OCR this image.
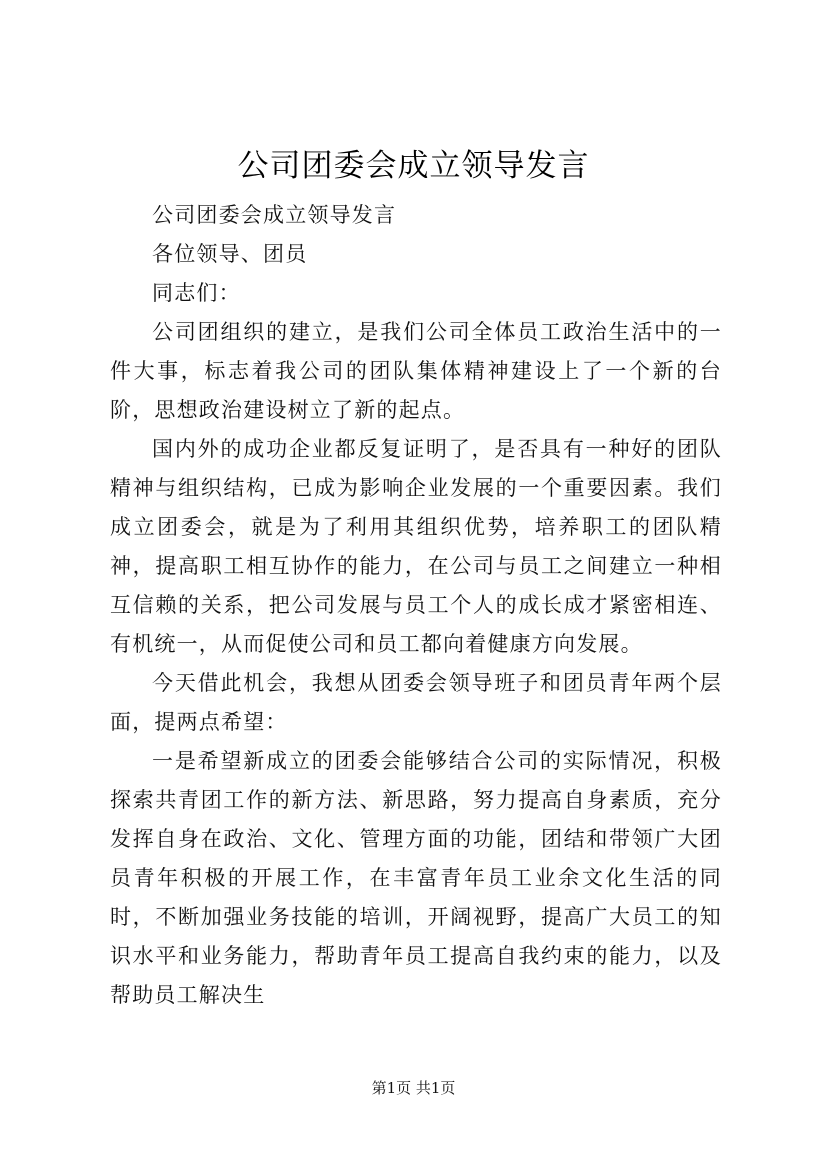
公司团委会成立领导发言

公司团委会成立领导发言

各位领导、团员

同志们：

公司团组织的建立，是我们公司全体员工政治生活中的一件大事，标志着我公司的团队集体精神建设上了一个新的台阶，思想政治建设树立了新的起点。

国内外的成功企业都反复证明了，是否具有一种好的团队精神与组织结构，已成为影响企业发展的一个重要因素。我们成立团委会，就是为了利用其组织优势，培养职工的团队精神，提高职工相互协作的能力，在公司与员工之间建立一种相互信赖的关系，把公司发展与员工个人的成长成才紧密相连、有机统一，从而促使公司和员工都向着健康方向发展。

今天借此机会，我想从团委会领导班子和团员青年两个层面，提两点希望：

一是希望新成立的团委会能够结合公司的实际情况，积极探索共青团工作的新方法、新思路，努力提高自身素质，充分发挥自身在政治、文化、管理方面的功能，团结和带领广大团员青年积极的开展工作，在丰富青年员工业余文化生活的同时，不断加强业务技能的培训，开阔视野，提高广大员工的知识水平和业务能力，帮助青年员工提高自我约束的能力，以及帮助员工解决生

第1页 共1页
